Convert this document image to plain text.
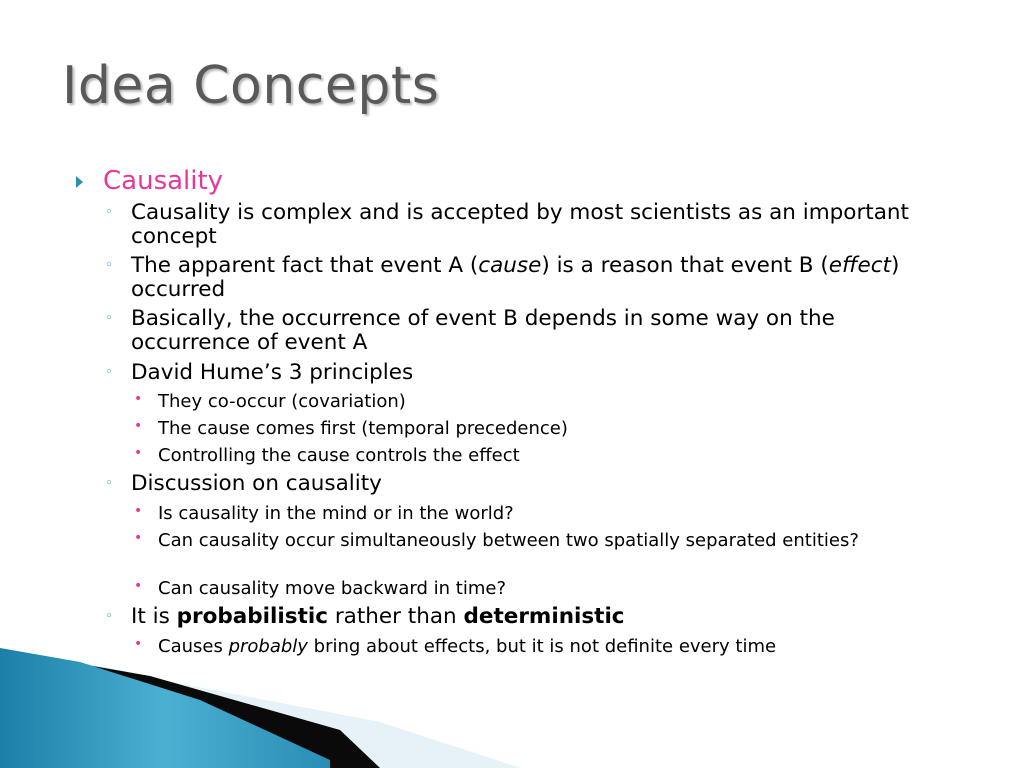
Idea Concepts
Causality
◦ Causality is complex and is accepted by most scientists as an important concept
◦ The apparent fact that event A (cause) is a reason that event B (effect) occurred
◦ Basically, the occurrence of event B depends in some way on the occurrence of event A
◦ David Hume’s 3 principles
• They co-occur (covariation)
• The cause comes first (temporal precedence)
• Controlling the cause controls the effect
◦ Discussion on causality
• Is causality in the mind or in the world?
• Can causality occur simultaneously between two spatially separated entities?
• Can causality move backward in time?
◦ It is probabilistic rather than deterministic
• Causes probably bring about effects, but it is not definite every time
